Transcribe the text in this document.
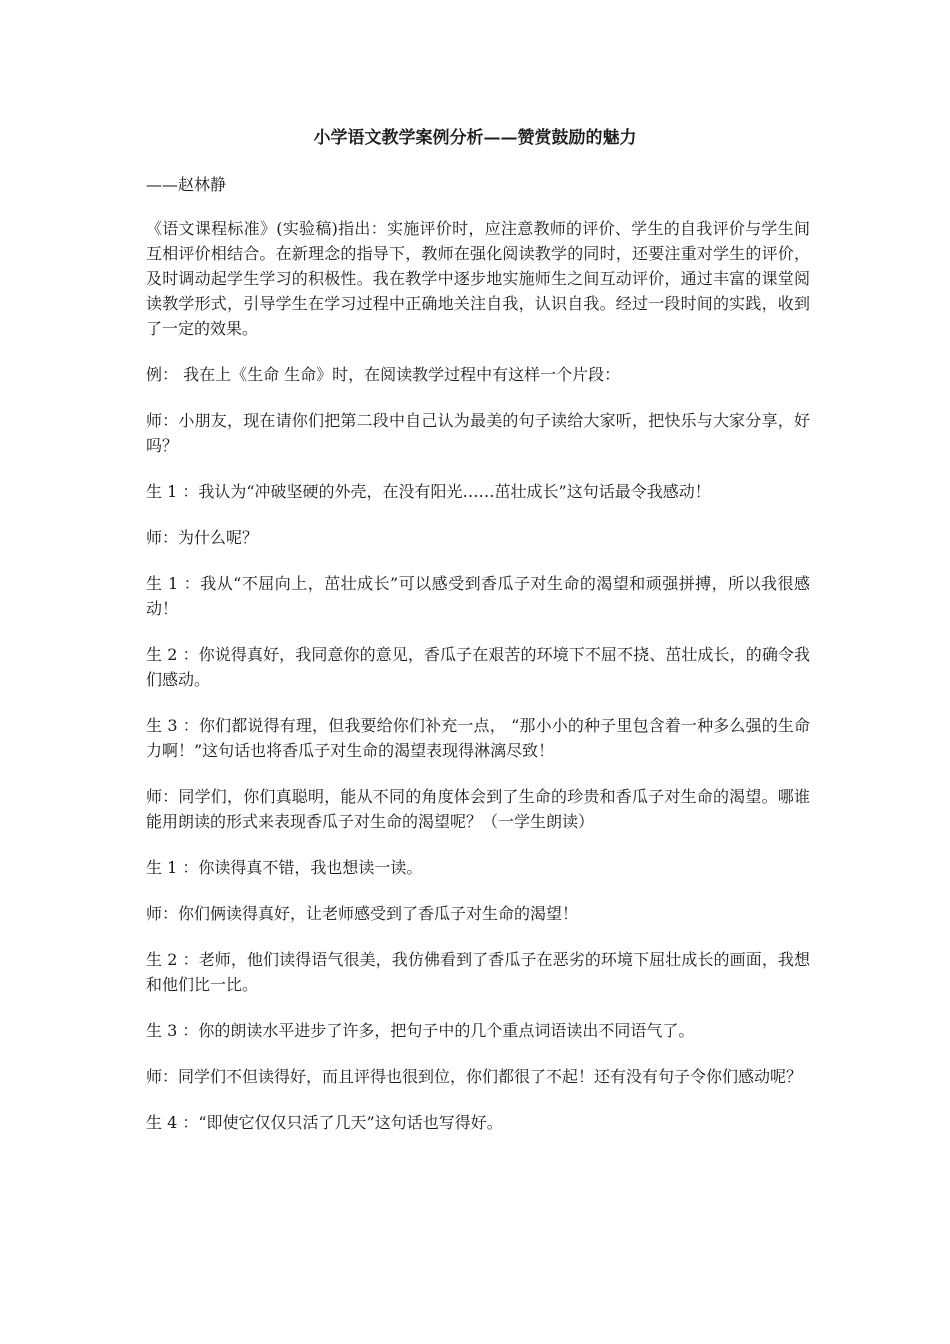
小学语文教学案例分析——赞赏鼓励的魅力

——赵林静

《语文课程标准》(实验稿)指出：实施评价时，应注意教师的评价、学生的自我评价与学生间互相评价相结合。在新理念的指导下，教师在强化阅读教学的同时，还要注重对学生的评价，及时调动起学生学习的积极性。我在教学中逐步地实施师生之间互动评价，通过丰富的课堂阅读教学形式，引导学生在学习过程中正确地关注自我，认识自我。经过一段时间的实践，收到了一定的效果。

例： 我在上《生命 生命》时，在阅读教学过程中有这样一个片段：

师：小朋友，现在请你们把第二段中自己认为最美的句子读给大家听，把快乐与大家分享，好吗？

生 1 ：我认为“冲破坚硬的外壳，在没有阳光……茁壮成长”这句话最令我感动！

师：为什么呢？

生 1 ：我从“不屈向上，茁壮成长”可以感受到香瓜子对生命的渴望和顽强拼搏，所以我很感动！

生 2 ：你说得真好，我同意你的意见，香瓜子在艰苦的环境下不屈不挠、茁壮成长，的确令我们感动。

生 3 ：你们都说得有理，但我要给你们补充一点， “那小小的种子里包含着一种多么强的生命力啊！”这句话也将香瓜子对生命的渴望表现得淋漓尽致！

师：同学们，你们真聪明，能从不同的角度体会到了生命的珍贵和香瓜子对生命的渴望。哪谁能用朗读的形式来表现香瓜子对生命的渴望呢？（一学生朗读）

生 1 ：你读得真不错，我也想读一读。

师：你们俩读得真好，让老师感受到了香瓜子对生命的渴望！

生 2 ：老师，他们读得语气很美，我仿佛看到了香瓜子在恶劣的环境下屈壮成长的画面，我想和他们比一比。

生 3 ：你的朗读水平进步了许多，把句子中的几个重点词语读出不同语气了。

师：同学们不但读得好，而且评得也很到位，你们都很了不起！还有没有句子令你们感动呢？

生 4 ：“即使它仅仅只活了几天”这句话也写得好。
